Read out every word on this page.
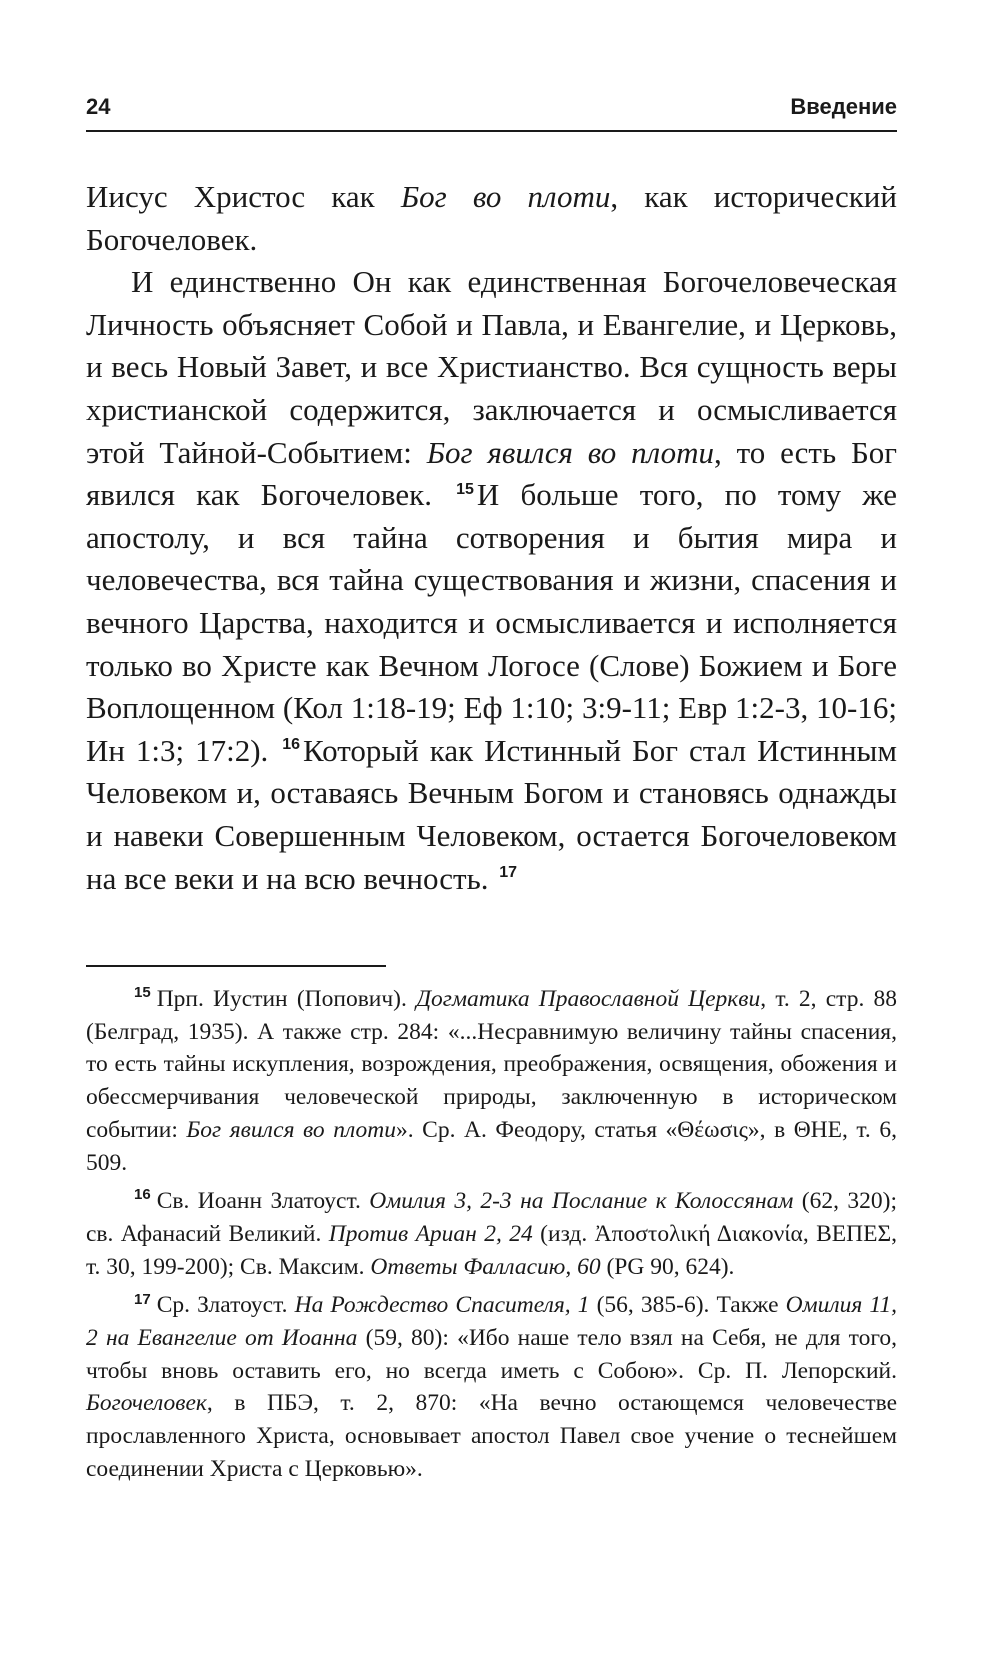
24	Введение

Иисус Христос как Бог во плоти, как исторический Богочеловек.

И единственно Он как единственная Богочеловеческая Личность объясняет Собой и Павла, и Евангелие, и Церковь, и весь Новый Завет, и все Христианство. Вся сущность веры христианской содержится, заключается и осмысливается этой Тайной-Событием: Бог явился во плоти, то есть Бог явился как Богочеловек. $^{15}$И больше того, по тому же апостолу, и вся тайна сотворения и бытия мира и человечества, вся тайна существования и жизни, спасения и вечного Царства, находится и осмысливается и исполняется только во Христе как Вечном Логосе (Слове) Божием и Боге Воплощенном (Кол 1:18-19; Еф 1:10; 3:9-11; Евр 1:2-3, 10-16; Ин 1:3; 17:2). $^{16}$Который как Истинный Бог стал Истинным Человеком и, оставаясь Вечным Богом и становясь однажды и навеки Совершенным Человеком, остается Богочеловеком на все веки и на всю вечность. $^{17}$

$^{15}$ Прп. Иустин (Попович). Догматика Православной Церкви, т. 2, стр. 88 (Белград, 1935). А также стр. 284: «...Несравнимую величину тайны спасения, то есть тайны искупления, возрождения, преображения, освящения, обожения и обессмерчивания человеческой природы, заключенную в историческом событии: Бог явился во плоти». Ср. А. Феодору, статья «Θέωσις», в ΘΗΕ, т. 6, 509.

$^{16}$ Св. Иоанн Златоуст. Омилия 3, 2-3 на Послание к Колоссянам (62, 320); св. Афанасий Великий. Против Ариан 2, 24 (изд. Ἀποστολική Διακονία, ΒΕΠΕΣ, т. 30, 199-200); Св. Максим. Ответы Фалласию, 60 (PG 90, 624).

$^{17}$ Ср. Златоуст. На Рождество Спасителя, 1 (56, 385-6). Также Омилия 11, 2 на Евангелие от Иоанна (59, 80): «Ибо наше тело взял на Себя, не для того, чтобы вновь оставить его, но всегда иметь с Собою». Ср. П. Лепорский. Богочеловек, в ПБЭ, т. 2, 870: «На вечно остающемся человечестве прославленного Христа, основывает апостол Павел свое учение о теснейшем соединении Христа с Церковью».
